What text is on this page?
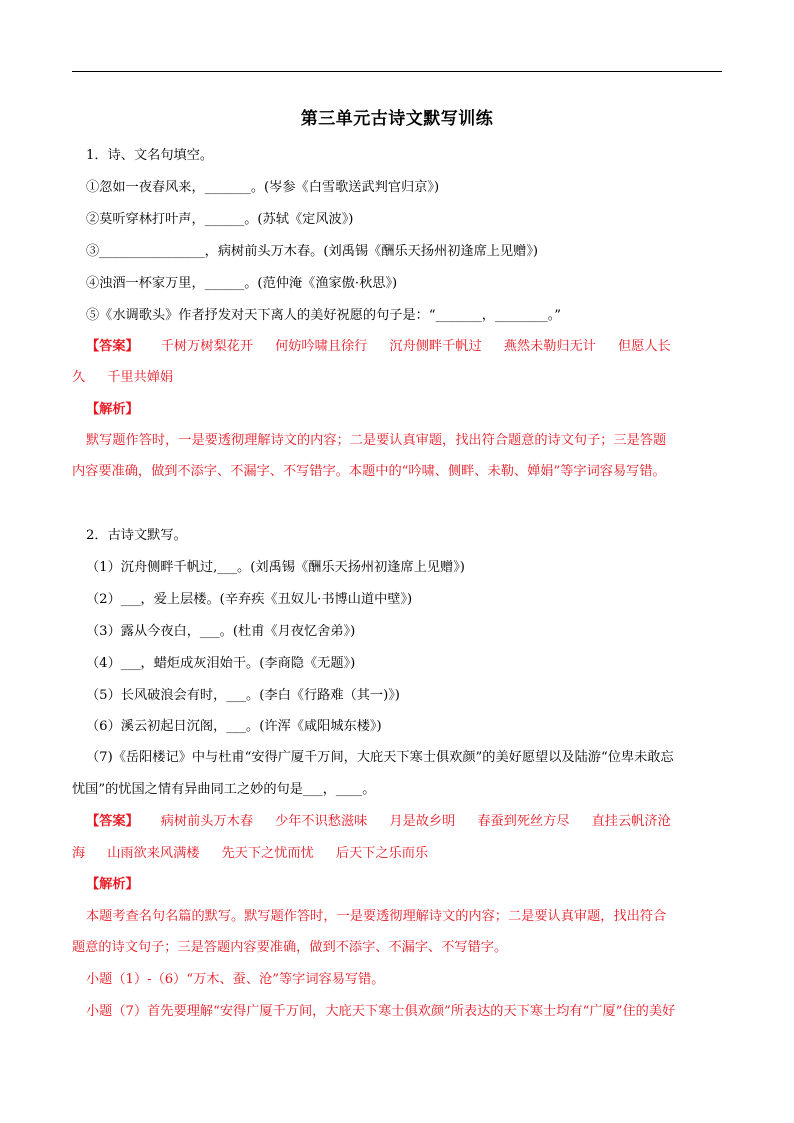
第三单元古诗文默写训练
1．诗、文名句填空。
①忽如一夜春风来，_______。(岑参《白雪歌送武判官归京》)
②莫听穿林打叶声，______。(苏轼《定风波》)
③________________，病树前头万木春。(刘禹锡《酬乐天扬州初逢席上见赠》)
④浊酒一杯家万里，______。(范仲淹《渔家傲·秋思》)
⑤《水调歌头》作者抒发对天下离人的美好祝愿的句子是：“_______，________。”
【答案】 千树万树梨花开 何妨吟啸且徐行 沉舟侧畔千帆过 燕然未勒归无计 但愿人长
久 千里共婵娟
【解析】
默写题作答时，一是要透彻理解诗文的内容；二是要认真审题，找出符合题意的诗文句子；三是答题
内容要准确，做到不添字、不漏字、不写错字。本题中的“吟啸、侧畔、未勒、婵娟”等字词容易写错。
2．古诗文默写。
（1）沉舟侧畔千帆过,___。(刘禹锡《酬乐天扬州初逢席上见赠》)
（2）___，爱上层楼。(辛弃疾《丑奴儿·书博山道中壁》)
（3）露从今夜白，___。(杜甫《月夜忆舍弟》)
（4）___，蜡炬成灰泪始干。(李商隐《无题》)
（5）长风破浪会有时，___。(李白《行路难（其一)》)
（6）溪云初起日沉阁，___。(许浑《咸阳城东楼》)
（7)《岳阳楼记》中与杜甫“安得广厦千万间，大庇天下寒士俱欢颜”的美好愿望以及陆游“位卑未敢忘
忧国”的忧国之情有异曲同工之妙的句是___，____。
【答案】 病树前头万木春 少年不识愁滋味 月是故乡明 春蚕到死丝方尽 直挂云帆济沧
海 山雨欲来风满楼 先天下之忧而忧 后天下之乐而乐
【解析】
本题考查名句名篇的默写。默写题作答时，一是要透彻理解诗文的内容；二是要认真审题，找出符合
题意的诗文句子；三是答题内容要准确，做到不添字、不漏字、不写错字。
小题（1）-（6）“万木、蚕、沧”等字词容易写错。
小题（7）首先要理解“安得广厦千万间，大庇天下寒士俱欢颜”所表达的天下寒士均有“广厦”住的美好
